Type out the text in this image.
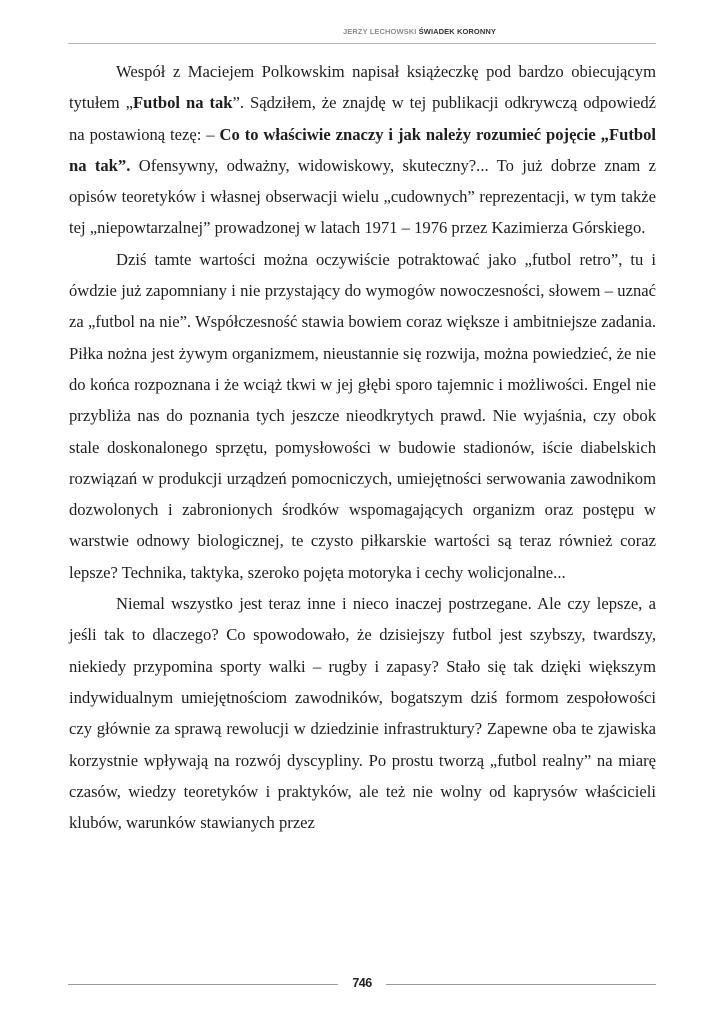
JERZY LECHOWSKI ŚWIADEK KORONNY

Wespół z Maciejem Polkowskim napisał książeczkę pod bardzo obiecującym tytułem „Futbol na tak”. Sądziłem, że znajdę w tej publikacji odkrywczą odpowiedź na postawioną tezę: – Co to właściwie znaczy i jak należy rozumieć pojęcie „Futbol na tak”. Ofensywny, odważny, widowiskowy, skuteczny?... To już dobrze znam z opisów teoretyków i własnej obserwacji wielu „cudownych” reprezentacji, w tym także tej „niepowtarzalnej” prowadzonej w latach 1971 – 1976 przez Kazimierza Górskiego.

Dziś tamte wartości można oczywiście potraktować jako „futbol retro”, tu i ówdzie już zapomniany i nie przystający do wymogów nowoczesności, słowem – uznać za „futbol na nie”. Współczesność stawia bowiem coraz większe i ambitniejsze zadania. Piłka nożna jest żywym organizmem, nieustannie się rozwija, można powiedzieć, że nie do końca rozpoznana i że wciąż tkwi w jej głębi sporo tajemnic i możliwości. Engel nie przybliża nas do poznania tych jeszcze nieodkrytych prawd. Nie wyjaśnia, czy obok stale doskonalonego sprzętu, pomysłowości w budowie stadionów, iście diabelskich rozwiązań w produkcji urządzeń pomocniczych, umiejętności serwowania zawodnikom dozwolonych i zabronionych środków wspomagających organizm oraz postępu w warstwie odnowy biologicznej, te czysto piłkarskie wartości są teraz również coraz lepsze? Technika, taktyka, szeroko pojęta motoryka i cechy wolicjonalne...

Niemal wszystko jest teraz inne i nieco inaczej postrzegane. Ale czy lepsze, a jeśli tak to dlaczego? Co spowodowało, że dzisiejszy futbol jest szybszy, twardszy, niekiedy przypomina sporty walki – rugby i zapasy? Stało się tak dzięki większym indywidualnym umiejętnościom zawodników, bogatszym dziś formom zespołowości czy głównie za sprawą rewolucji w dziedzinie infrastruktury? Zapewne oba te zjawiska korzystnie wpływają na rozwój dyscypliny. Po prostu tworzą „futbol realny” na miarę czasów, wiedzy teoretyków i praktyków, ale też nie wolny od kaprysów właścicieli klubów, warunków stawianych przez

746
